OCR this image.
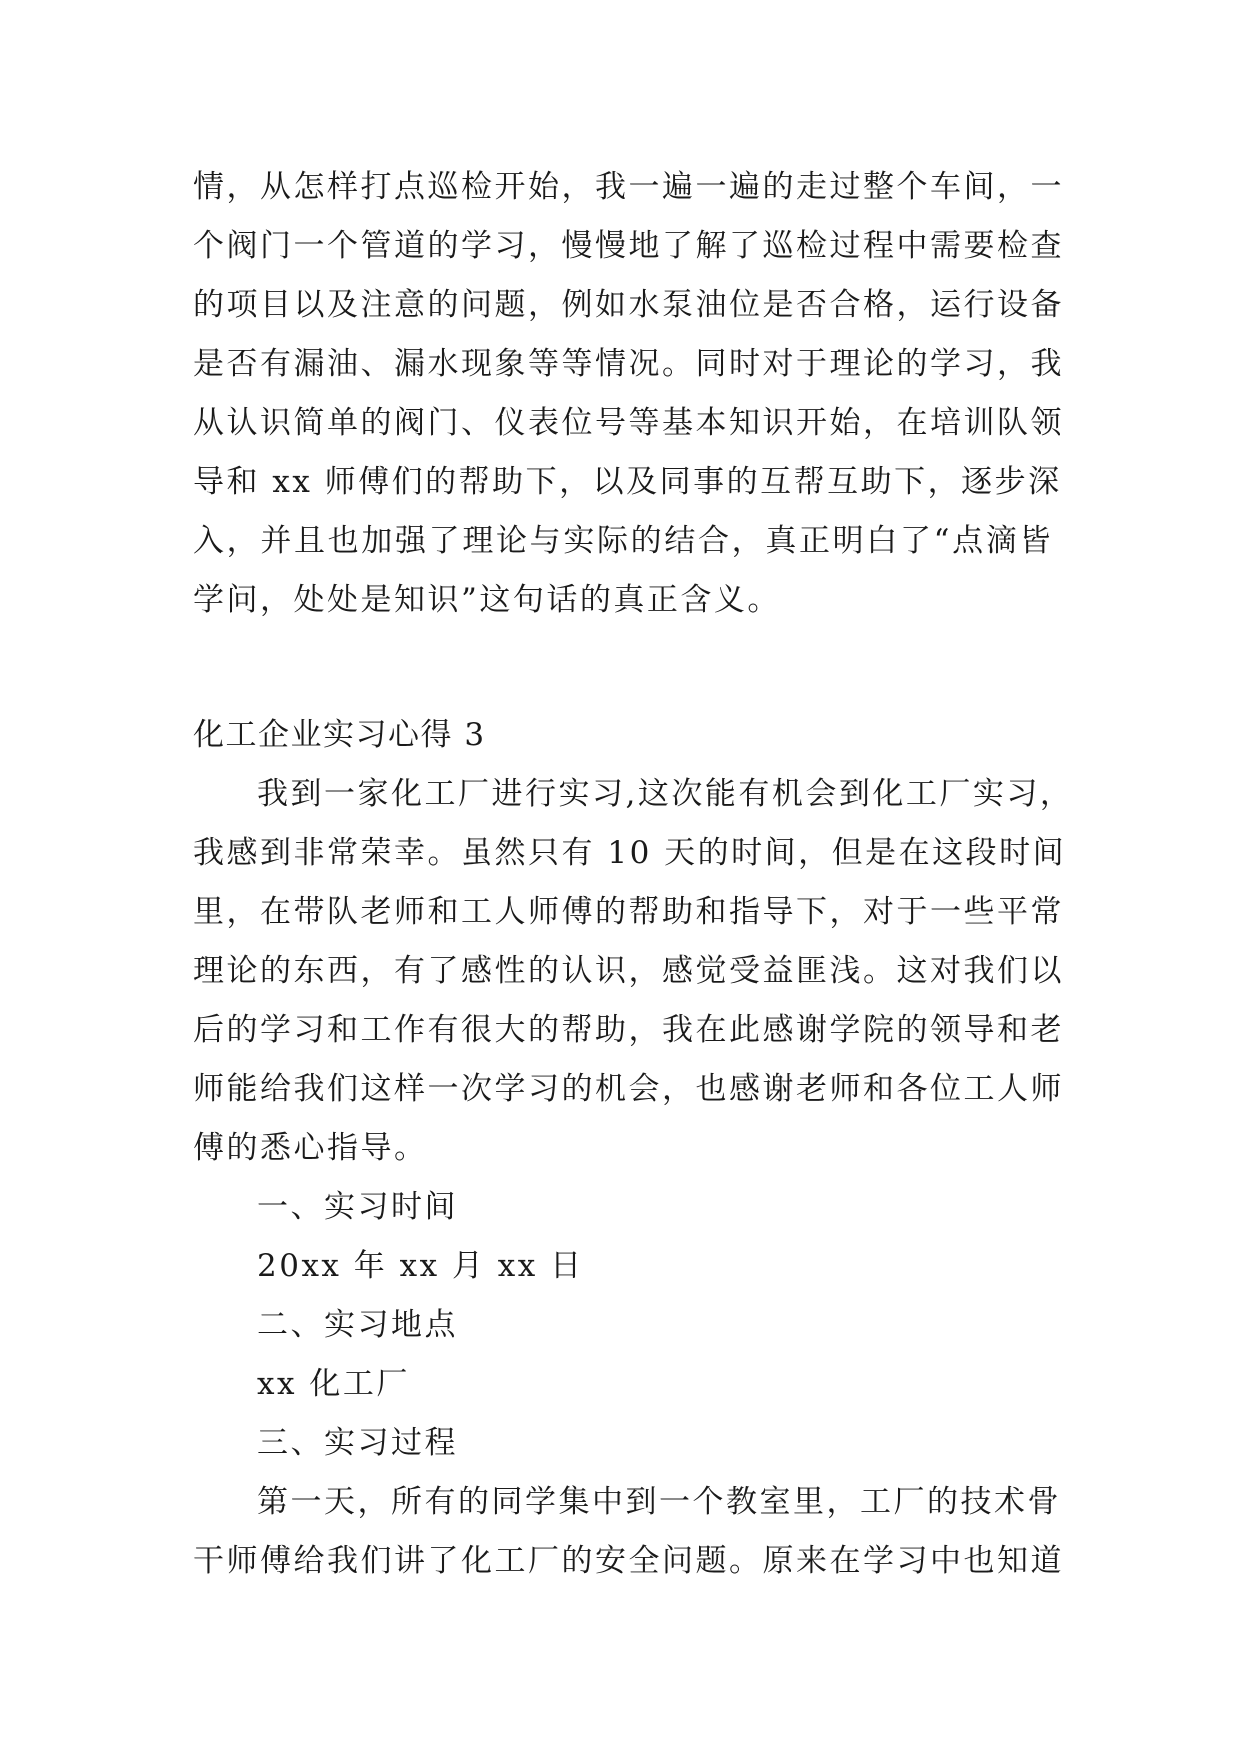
情，从怎样打点巡检开始，我一遍一遍的走过整个车间，一
个阀门一个管道的学习，慢慢地了解了巡检过程中需要检查
的项目以及注意的问题，例如水泵油位是否合格，运行设备
是否有漏油、漏水现象等等情况。同时对于理论的学习，我
从认识简单的阀门、仪表位号等基本知识开始，在培训队领
导和 xx 师傅们的帮助下，以及同事的互帮互助下，逐步深
入，并且也加强了理论与实际的结合，真正明白了“点滴皆
学问，处处是知识”这句话的真正含义。
化工企业实习心得 3
我到一家化工厂进行实习,这次能有机会到化工厂实习，
我感到非常荣幸。虽然只有 10 天的时间，但是在这段时间
里，在带队老师和工人师傅的帮助和指导下，对于一些平常
理论的东西，有了感性的认识，感觉受益匪浅。这对我们以
后的学习和工作有很大的帮助，我在此感谢学院的领导和老
师能给我们这样一次学习的机会，也感谢老师和各位工人师
傅的悉心指导。
一、实习时间
20xx 年 xx 月 xx 日
二、实习地点
xx 化工厂
三、实习过程
第一天，所有的同学集中到一个教室里，工厂的技术骨
干师傅给我们讲了化工厂的安全问题。原来在学习中也知道
